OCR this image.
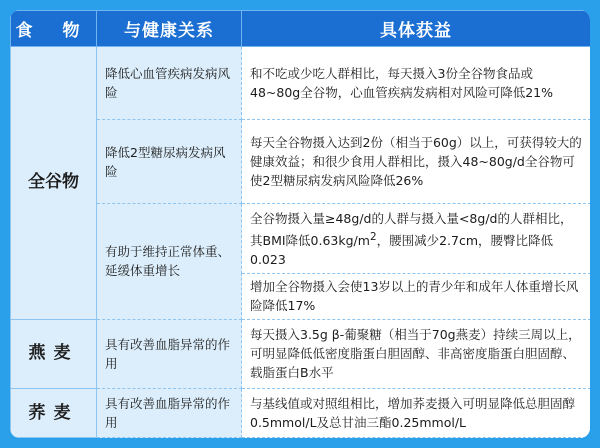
食 物	与健康关系	具体获益
全谷物	降低心血管疾病发病风险	和不吃或少吃人群相比，每天摄入3份全谷物食品或48~80g全谷物，心血管疾病发病相对风险可降低21%
	降低2型糖尿病发病风险	每天全谷物摄入达到2份（相当于60g）以上，可获得较大的健康效益；和很少食用人群相比，摄入48~80g/d全谷物可使2型糖尿病发病风险降低26%
	有助于维持正常体重、延缓体重增长	全谷物摄入量≥48g/d的人群与摄入量<8g/d的人群相比，其BMI降低$0.63kg/m^2$，腰围减少2.7cm，腰臀比降低0.023
		增加全谷物摄入会使13岁以上的青少年和成年人体重增长风险降低17%
燕麦	具有改善血脂异常的作用	每天摄入3.5g β-葡聚糖（相当于70g燕麦）持续三周以上，可明显降低低密度脂蛋白胆固醇、非高密度脂蛋白胆固醇、载脂蛋白B水平
荞麦	具有改善血脂异常的作用	与基线值或对照组相比，增加荞麦摄入可明显降低总胆固醇0.5mmol/L及总甘油三酯0.25mmol/L
